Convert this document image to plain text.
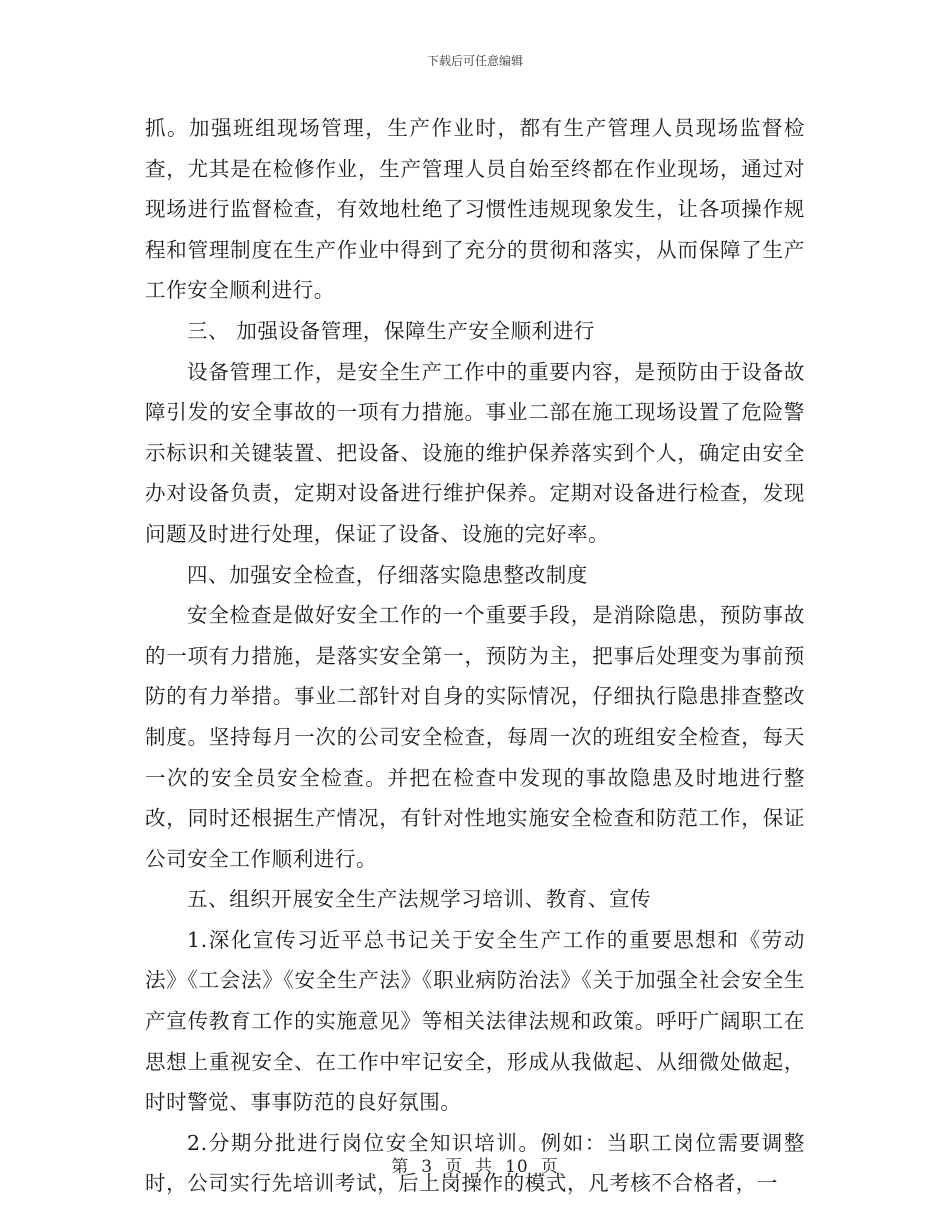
下载后可任意编辑

抓。加强班组现场管理，生产作业时，都有生产管理人员现场监督检查，尤其是在检修作业，生产管理人员自始至终都在作业现场，通过对现场进行监督检查，有效地杜绝了习惯性违规现象发生，让各项操作规程和管理制度在生产作业中得到了充分的贯彻和落实，从而保障了生产工作安全顺利进行。

三、 加强设备管理，保障生产安全顺利进行

设备管理工作，是安全生产工作中的重要内容，是预防由于设备故障引发的安全事故的一项有力措施。事业二部在施工现场设置了危险警示标识和关键装置、把设备、设施的维护保养落实到个人，确定由安全办对设备负责，定期对设备进行维护保养。定期对设备进行检查，发现问题及时进行处理，保证了设备、设施的完好率。

四、加强安全检查，仔细落实隐患整改制度

安全检查是做好安全工作的一个重要手段，是消除隐患，预防事故的一项有力措施，是落实安全第一，预防为主，把事后处理变为事前预防的有力举措。事业二部针对自身的实际情况，仔细执行隐患排查整改制度。坚持每月一次的公司安全检查，每周一次的班组安全检查，每天一次的安全员安全检查。并把在检查中发现的事故隐患及时地进行整改，同时还根据生产情况，有针对性地实施安全检查和防范工作，保证公司安全工作顺利进行。

五、组织开展安全生产法规学习培训、教育、宣传

1.深化宣传习近平总书记关于安全生产工作的重要思想和《劳动法》《工会法》《安全生产法》《职业病防治法》《关于加强全社会安全生产宣传教育工作的实施意见》等相关法律法规和政策。呼吁广阔职工在思想上重视安全、在工作中牢记安全，形成从我做起、从细微处做起，时时警觉、事事防范的良好氛围。

2.分期分批进行岗位安全知识培训。例如：当职工岗位需要调整时，公司实行先培训考试，后上岗操作的模式，凡考核不合格者，一

第 3 页 共 10 页
